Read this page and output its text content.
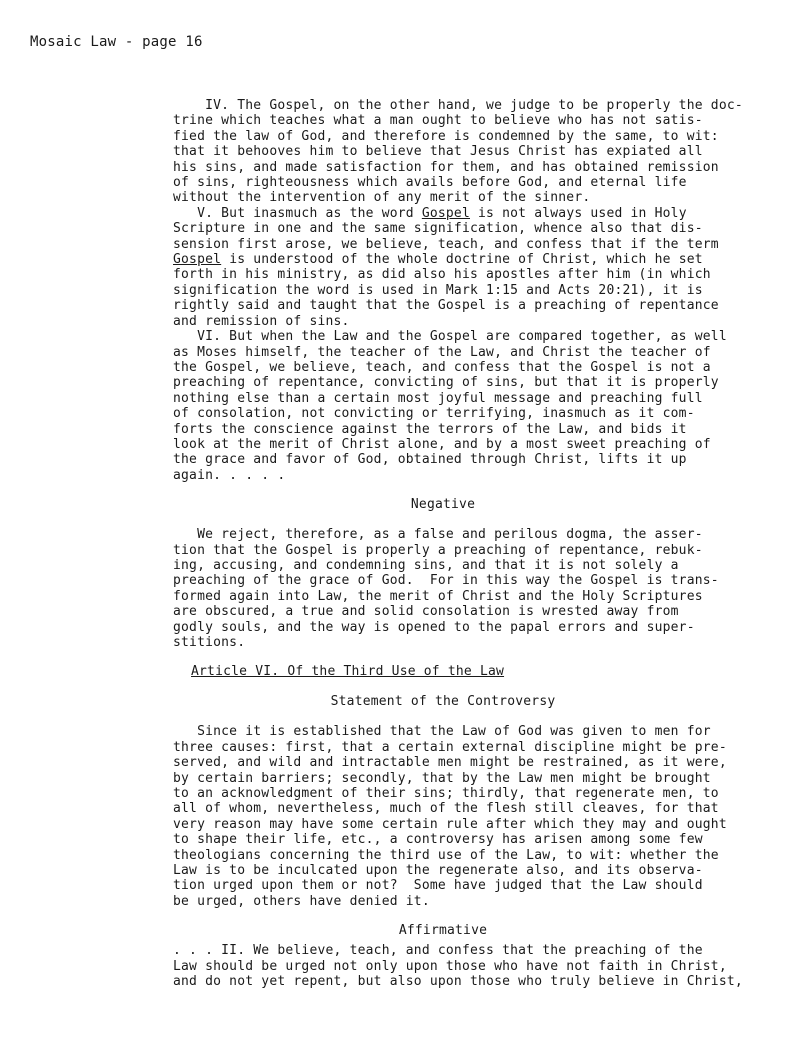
Mosaic Law - page 16

IV. The Gospel, on the other hand, we judge to be properly the doc-

trine which teaches what a man ought to believe who has not satis-

fied the law of God, and therefore is condemned by the same, to wit:

that it behooves him to believe that Jesus Christ has expiated all

his sins, and made satisfaction for them, and has obtained remission

of sins, righteousness which avails before God, and eternal life

without the intervention of any merit of the sinner.

V. But inasmuch as the word Gospel is not always used in Holy

Scripture in one and the same signification, whence also that dis-

sension first arose, we believe, teach, and confess that if the term

Gospel is understood of the whole doctrine of Christ, which he set

forth in his ministry, as did also his apostles after him (in which

signification the word is used in Mark 1:15 and Acts 20:21), it is

rightly said and taught that the Gospel is a preaching of repentance

and remission of sins.

VI. But when the Law and the Gospel are compared together, as well

as Moses himself, the teacher of the Law, and Christ the teacher of

the Gospel, we believe, teach, and confess that the Gospel is not a

preaching of repentance, convicting of sins, but that it is properly

nothing else than a certain most joyful message and preaching full

of consolation, not convicting or terrifying, inasmuch as it com-

forts the conscience against the terrors of the Law, and bids it

look at the merit of Christ alone, and by a most sweet preaching of

the grace and favor of God, obtained through Christ, lifts it up

again. . . . .

Negative

We reject, therefore, as a false and perilous dogma, the asser-

tion that the Gospel is properly a preaching of repentance, rebuk-

ing, accusing, and condemning sins, and that it is not solely a

preaching of the grace of God.  For in this way the Gospel is trans-

formed again into Law, the merit of Christ and the Holy Scriptures

are obscured, a true and solid consolation is wrested away from

godly souls, and the way is opened to the papal errors and super-

stitions.

Article VI. Of the Third Use of the Law

Statement of the Controversy

Since it is established that the Law of God was given to men for

three causes: first, that a certain external discipline might be pre-

served, and wild and intractable men might be restrained, as it were,

by certain barriers; secondly, that by the Law men might be brought

to an acknowledgment of their sins; thirdly, that regenerate men, to

all of whom, nevertheless, much of the flesh still cleaves, for that

very reason may have some certain rule after which they may and ought

to shape their life, etc., a controversy has arisen among some few

theologians concerning the third use of the Law, to wit: whether the

Law is to be inculcated upon the regenerate also, and its observa-

tion urged upon them or not?  Some have judged that the Law should

be urged, others have denied it.

Affirmative

. . . II. We believe, teach, and confess that the preaching of the

Law should be urged not only upon those who have not faith in Christ,

and do not yet repent, but also upon those who truly believe in Christ,
